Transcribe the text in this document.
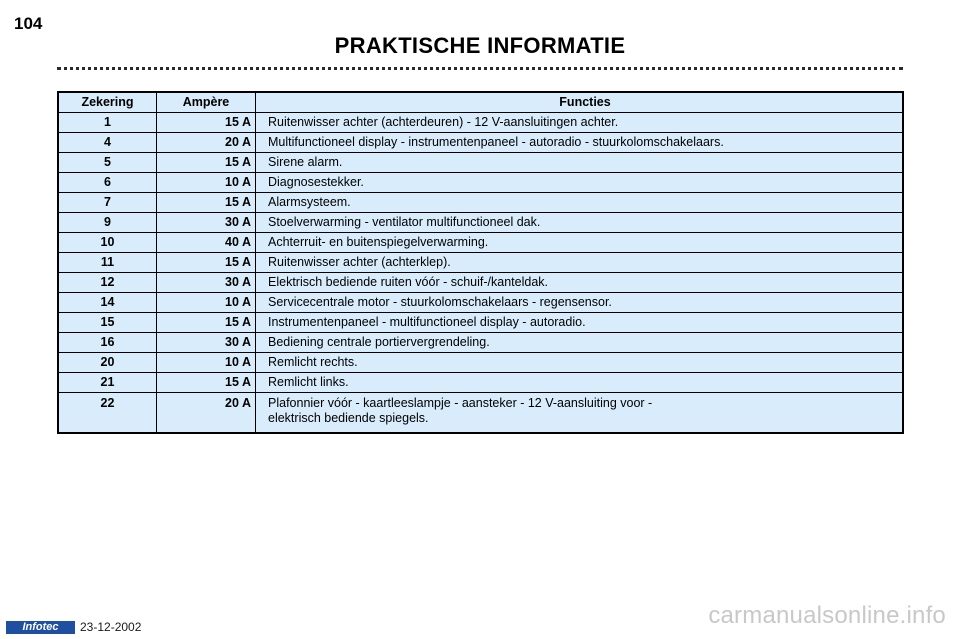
104
PRAKTISCHE INFORMATIE
Zekering	Ampère	Functies
1	15 A	Ruitenwisser achter (achterdeuren) - 12 V-aansluitingen achter.
4	20 A	Multifunctioneel display - instrumentenpaneel - autoradio - stuurkolomschakelaars.
5	15 A	Sirene alarm.
6	10 A	Diagnosestekker.
7	15 A	Alarmsysteem.
9	30 A	Stoelverwarming - ventilator multifunctioneel dak.
10	40 A	Achterruit- en buitenspiegelverwarming.
11	15 A	Ruitenwisser achter (achterklep).
12	30 A	Elektrisch bediende ruiten vóór - schuif-/kanteldak.
14	10 A	Servicecentrale motor - stuurkolomschakelaars - regensensor.
15	15 A	Instrumentenpaneel - multifunctioneel display - autoradio.
16	30 A	Bediening centrale portiervergrendeling.
20	10 A	Remlicht rechts.
21	15 A	Remlicht links.
22	20 A	Plafonnier vóór - kaartleeslampje - aansteker - 12 V-aansluiting voor -
elektrisch bediende spiegels.
Infotec	23-12-2002	carmanualsonline.info
